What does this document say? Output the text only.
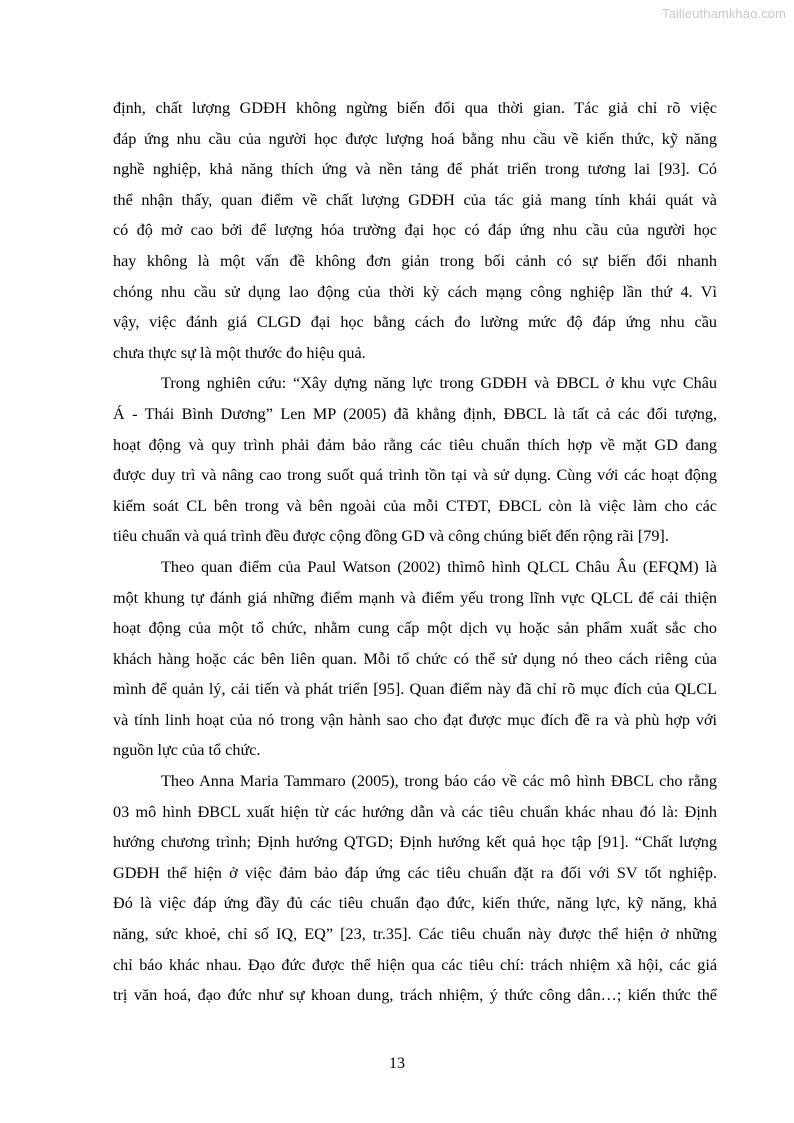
Tailieuthamkhao.com
định, chất lượng GDĐH không ngừng biến đổi qua thời gian. Tác giả chỉ rõ việc
đáp ứng nhu cầu của người học được lượng hoá bằng nhu cầu về kiến thức, kỹ năng
nghề nghiệp, khả năng thích ứng và nền tảng để phát triển trong tương lai [93]. Có
thể nhận thấy, quan điểm về chất lượng GDĐH của tác giả mang tính khái quát và
có độ mở cao bởi để lượng hóa trường đại học có đáp ứng nhu cầu của người học
hay không là một vấn đề không đơn giản trong bối cảnh có sự biến đổi nhanh
chóng nhu cầu sử dụng lao động của thời kỳ cách mạng công nghiệp lần thứ 4. Vì
vậy, việc đánh giá CLGD đại học bằng cách đo lường mức độ đáp ứng nhu cầu
chưa thực sự là một thước đo hiệu quả.
Trong nghiên cứu: “Xây dựng năng lực trong GDĐH và ĐBCL ở khu vực Châu
Á - Thái Bình Dương” Len MP (2005) đã khẳng định, ĐBCL là tất cả các đối tượng,
hoạt động và quy trình phải đảm bảo rằng các tiêu chuẩn thích hợp về mặt GD đang
được duy trì và nâng cao trong suốt quá trình tồn tại và sử dụng. Cùng với các hoạt động
kiểm soát CL bên trong và bên ngoài của mỗi CTĐT, ĐBCL còn là việc làm cho các
tiêu chuẩn và quá trình đều được cộng đồng GD và công chúng biết đến rộng rãi [79].
Theo quan điểm của Paul Watson (2002) thìmô hình QLCL Châu Âu (EFQM) là
một khung tự đánh giá những điểm mạnh và điểm yếu trong lĩnh vực QLCL để cải thiện
hoạt động của một tổ chức, nhằm cung cấp một dịch vụ hoặc sản phẩm xuất sắc cho
khách hàng hoặc các bên liên quan. Mỗi tổ chức có thể sử dụng nó theo cách riêng của
mình để quản lý, cải tiến và phát triển [95]. Quan điểm này đã chỉ rõ mục đích của QLCL
và tính linh hoạt của nó trong vận hành sao cho đạt được mục đích đề ra và phù hợp với
nguồn lực của tổ chức.
Theo Anna Maria Tammaro (2005), trong báo cáo về các mô hình ĐBCL cho rằng
03 mô hình ĐBCL xuất hiện từ các hướng dẫn và các tiêu chuẩn khác nhau đó là: Định
hướng chương trình; Định hướng QTGD; Định hướng kết quả học tập [91]. “Chất lượng
GDĐH thể hiện ở việc đảm bảo đáp ứng các tiêu chuẩn đặt ra đối với SV tốt nghiệp.
Đó là việc đáp ứng đầy đủ các tiêu chuẩn đạo đức, kiến thức, năng lực, kỹ năng, khả
năng, sức khoẻ, chỉ số IQ, EQ” [23, tr.35]. Các tiêu chuẩn này được thể hiện ở những
chỉ báo khác nhau. Đạo đức được thể hiện qua các tiêu chí: trách nhiệm xã hội, các giá
trị văn hoá, đạo đức như sự khoan dung, trách nhiệm, ý thức công dân…; kiến thức thể
13
